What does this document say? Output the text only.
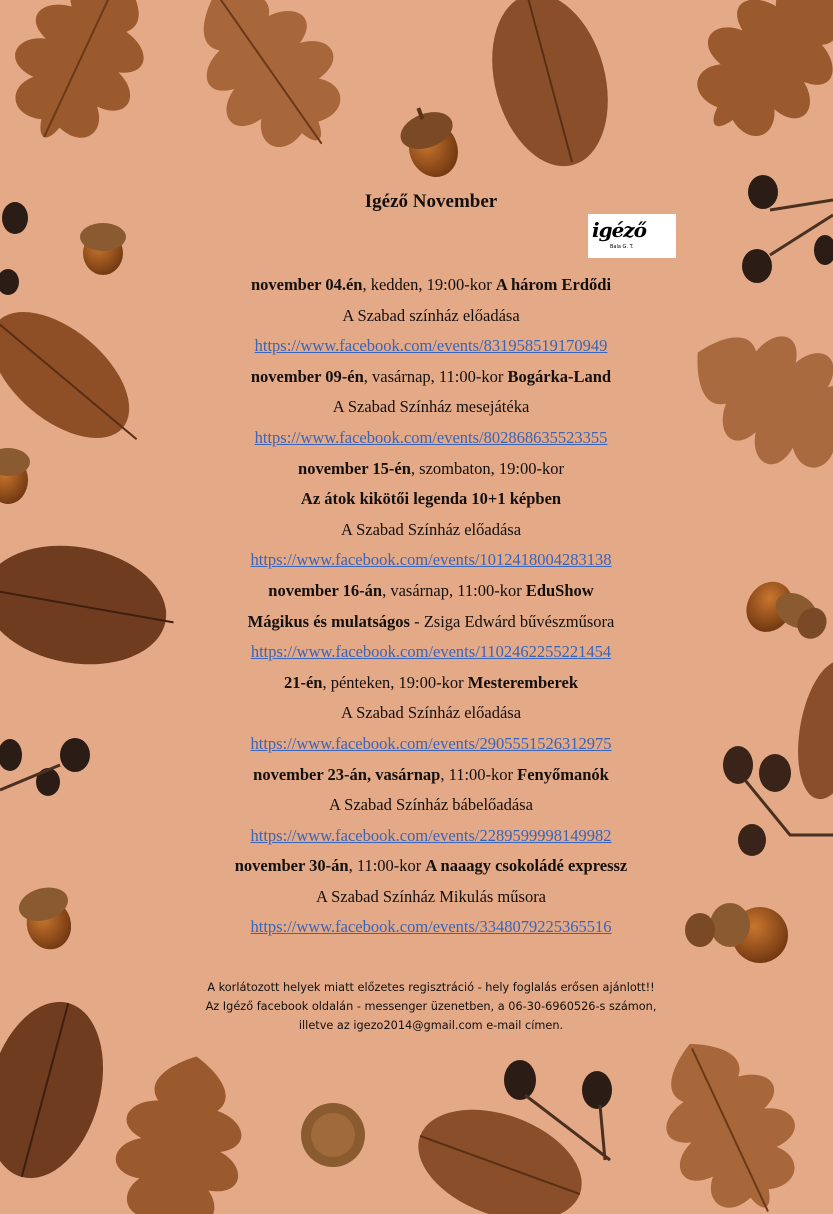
Igéző November
igéző
Bala G. T.
november 04.én, kedden, 19:00-kor A három Erdődi
A Szabad színház előadása
https://www.facebook.com/events/831958519170949
november 09-én, vasárnap, 11:00-kor Bogárka-Land
A Szabad Színház mesejátéka
https://www.facebook.com/events/802868635523355
november 15-én, szombaton, 19:00-kor
Az átok kikötői legenda 10+1 képben
A Szabad Színház előadása
https://www.facebook.com/events/1012418004283138
november 16-án, vasárnap, 11:00-kor EduShow
Mágikus és mulatságos - Zsiga Edwárd bűvészműsora
https://www.facebook.com/events/1102462255221454
21-én, pénteken, 19:00-kor Mesteremberek
A Szabad Színház előadása
https://www.facebook.com/events/2905551526312975
november 23-án, vasárnap, 11:00-kor Fenyőmanók
A Szabad Színház bábelőadása
https://www.facebook.com/events/2289599998149982
november 30-án, 11:00-kor A naaagy csokoládé expressz
A Szabad Színház Mikulás műsora
https://www.facebook.com/events/3348079225365516
A korlátozott helyek miatt előzetes regisztráció - hely foglalás erősen ajánlott!!
Az Igéző facebook oldalán - messenger üzenetben, a 06-30-6960526-s számon,
illetve az igezo2014@gmail.com e-mail címen.
